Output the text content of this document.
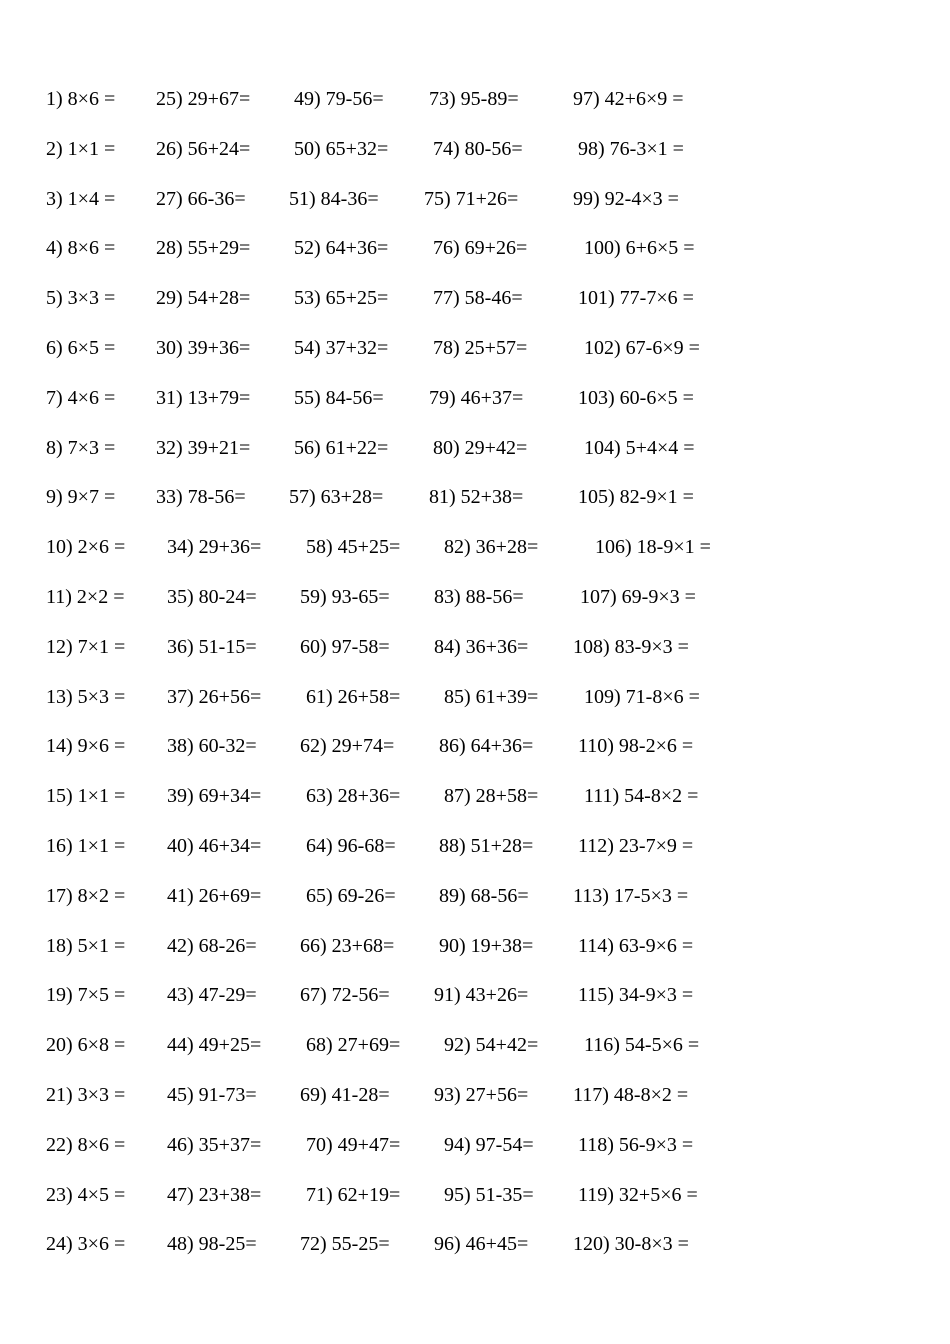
1) 8×6 = 25) 29+67= 49) 79-56= 73) 95-89=	97) 42+6×9 =
2) 1×1 = 26) 56+24= 50) 65+32= 74) 80-56=	98) 76-3×1 =
3) 1×4 = 27) 66-36= 51) 84-36= 75) 71+26=	99) 92-4×3 =
4) 8×6 = 28) 55+29= 52) 64+36= 76) 69+26=	100) 6+6×5 =
5) 3×3 = 29) 54+28= 53) 65+25= 77) 58-46=	101) 77-7×6 =
6) 6×5 = 30) 39+36= 54) 37+32= 78) 25+57=	102) 67-6×9 =
7) 4×6 = 31) 13+79= 55) 84-56= 79) 46+37=	103) 60-6×5 =
8) 7×3 = 32) 39+21= 56) 61+22= 80) 29+42=	104) 5+4×4 =
9) 9×7 = 33) 78-56= 57) 63+28= 81) 52+38=	105) 82-9×1 =
10) 2×6 = 34) 29+36= 58) 45+25= 82) 36+28=	106) 18-9×1 =
11) 2×2 = 35) 80-24= 59) 93-65= 83) 88-56=	107) 69-9×3 =
12) 7×1 = 36) 51-15= 60) 97-58= 84) 36+36= 108) 83-9×3 =
13) 5×3 = 37) 26+56= 61) 26+58= 85) 61+39= 109) 71-8×6 =
14) 9×6 = 38) 60-32= 62) 29+74= 86) 64+36= 110) 98-2×6 =
15) 1×1 = 39) 69+34= 63) 28+36= 87) 28+58= 111) 54-8×2 =
16) 1×1 = 40) 46+34= 64) 96-68= 88) 51+28= 112) 23-7×9 =
17) 8×2 = 41) 26+69= 65) 69-26= 89) 68-56= 113) 17-5×3 =
18) 5×1 = 42) 68-26= 66) 23+68= 90) 19+38= 114) 63-9×6 =
19) 7×5 = 43) 47-29= 67) 72-56= 91) 43+26= 115) 34-9×3 =
20) 6×8 = 44) 49+25= 68) 27+69= 92) 54+42= 116) 54-5×6 =
21) 3×3 = 45) 91-73= 69) 41-28= 93) 27+56= 117) 48-8×2 =
22) 8×6 = 46) 35+37= 70) 49+47= 94) 97-54= 118) 56-9×3 =
23) 4×5 = 47) 23+38= 71) 62+19= 95) 51-35= 119) 32+5×6 =
24) 3×6 = 48) 98-25= 72) 55-25= 96) 46+45= 120) 30-8×3 =
